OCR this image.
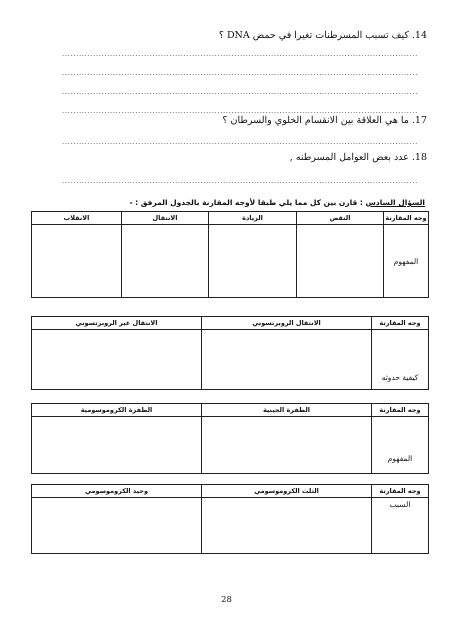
14. كيف تسبب المسرطنات تغيرا في حمض DNA ؟
.....
.....
.....
.....
17. ما هي العلاقة بين الانقسام الخلوي والسرطان ؟
.....
18. عدد بعض العوامل المسرطنه ,
.....
السؤال السادس : قارن بين كل مما يلي طبقا لأوجه المقارنة بالجدول المرفق : -
وجه المقارنة	النقص	الزيادة	الانتقال	الانقلاب
المفهوم				
وجه المقارنة	الانتقال الروبرتسوني	الانتقال غير الروبرتسوني
كيفية حدوثه		
وجه المقارنة	الطفرة الجينية	الطفرة الكروموسومية
المفهوم		
وجه المقارنة	الثلث الكروموسومي	وحيد الكروموسومي
السبب		
28
